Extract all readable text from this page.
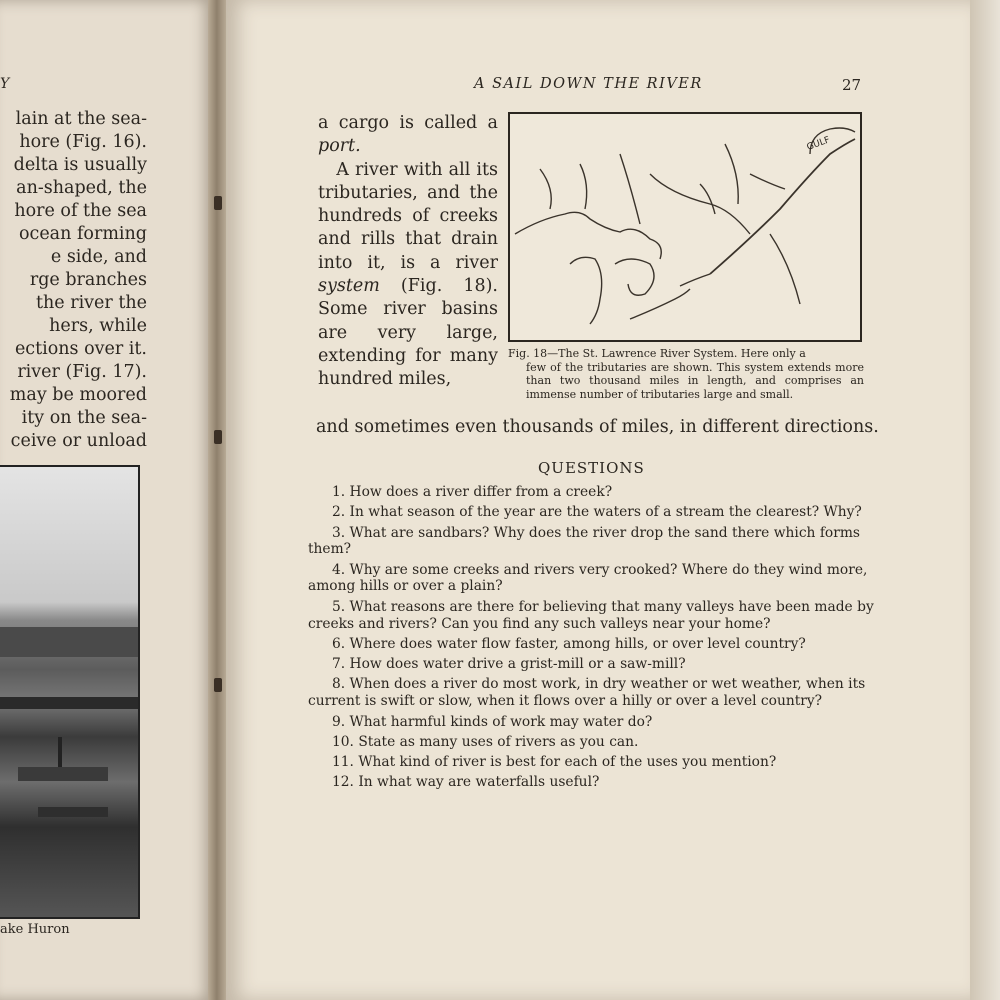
Y
lain at the sea-
hore (Fig. 16).
delta is usually
an-shaped, the
hore of the sea
ocean forming
e side, and
rge branches
the river the
hers, while
ections over it.
river (Fig. 17).
may be moored
ity on the sea-
ceive or unload
ake Huron
A SAIL DOWN THE RIVER	27
a cargo is called a port.
A river with all its tributaries, and the hundreds of creeks and rills that drain into it, is a river system (Fig. 18). Some river basins are very large, extending for many hundred miles,
GULF
Fig. 18—The St. Lawrence River System. Here only a
few of the tributaries are shown. This system extends more than two thousand miles in length, and comprises an immense number of tributaries large and small.
and sometimes even thousands of miles, in different directions.
QUESTIONS
1. How does a river differ from a creek?
2. In what season of the year are the waters of a stream the clearest? Why?
3. What are sandbars? Why does the river drop the sand there which forms them?
4. Why are some creeks and rivers very crooked? Where do they wind more, among hills or over a plain?
5. What reasons are there for believing that many valleys have been made by creeks and rivers? Can you find any such valleys near your home?
6. Where does water flow faster, among hills, or over level country?
7. How does water drive a grist-mill or a saw-mill?
8. When does a river do most work, in dry weather or wet weather, when its current is swift or slow, when it flows over a hilly or over a level country?
9. What harmful kinds of work may water do?
10. State as many uses of rivers as you can.
11. What kind of river is best for each of the uses you mention?
12. In what way are waterfalls useful?
